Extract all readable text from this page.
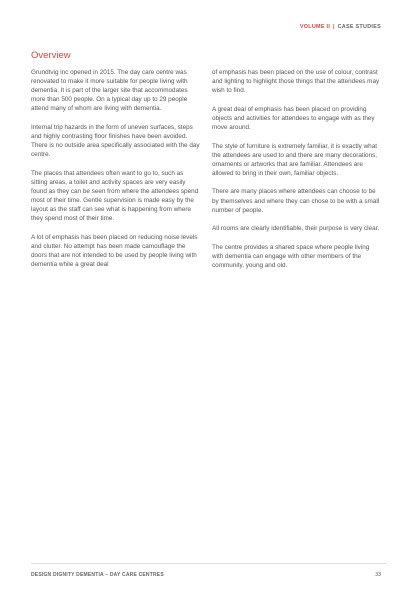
VOLUME II | CASE STUDIES
Overview

Grundtvig inc opened in 2015. The day care centre was renovated to make it more suitable for people living with dementia. It is part of the larger site that accommodates more than 500 people. On a typical day up to 29 people attend many of whom are living with dementia.

Internal trip hazards in the form of uneven surfaces, steps and highly contrasting floor finishes have been avoided. There is no outside area specifically associated with the day centre.

The places that attendees often want to go to, such as sitting areas, a toilet and activity spaces are very easily found as they can be seen from where the attendees spend most of their time. Gentle supervision is made easy by the layout as the staff can see what is happening from where they spend most of their time.

A lot of emphasis has been placed on reducing noise levels and clutter. No attempt has been made camouflage the doors that are not intended to be used by people living with dementia while a great deal

of emphasis has been placed on the use of colour, contrast and lighting to highlight those things that the attendees may wish to find.

A great deal of emphasis has been placed on providing objects and activities for attendees to engage with as they move around.

The style of furniture is extremely familiar, it is exactly what the attendees are used to and there are many decorations, ornaments or artworks that are familiar. Attendees are allowed to bring in their own, familiar objects.

There are many places where attendees can choose to be by themselves and where they can chose to be with a small number of people.

All rooms are clearly identifiable, their purpose is very clear.

The centre provides a shared space where people living with dementia can engage with other members of the community, young and old.

DESIGN DIGNITY DEMENTIA – DAY CARE CENTRES	33
